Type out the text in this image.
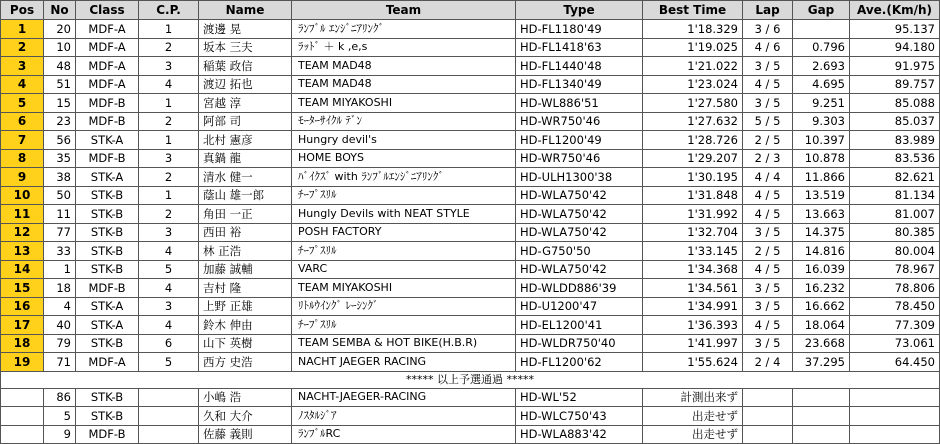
Pos	No	Class	C.P.	Name	Team	Type	Best Time	Lap	Gap	Ave.(Km/h)
1	20	MDF-A	1	渡邊 晃	ﾗﾝﾌﾞﾙ ｴﾝｼﾞﾆｱﾘﾝｸﾞ	HD-FL1180'49	1'18.329	3 / 6		95.137
2	10	MDF-A	2	坂本 三夫	ﾗｯﾄﾞ ＋ k ,e,s	HD-FL1418'63	1'19.025	4 / 6	0.796	94.180
3	48	MDF-A	3	稲葉 政信	TEAM MAD48	HD-FL1440'48	1'21.022	3 / 5	2.693	91.975
4	51	MDF-A	4	渡辺 拓也	TEAM MAD48	HD-FL1340'49	1'23.024	4 / 5	4.695	89.757
5	15	MDF-B	1	宮越 淳	TEAM MIYAKOSHI	HD-WL886'51	1'27.580	3 / 5	9.251	85.088
6	23	MDF-B	2	阿部 司	ﾓｰﾀｰｻｲｸﾙ ﾃﾞﾝ	HD-WR750'46	1'27.632	5 / 5	9.303	85.037
7	56	STK-A	1	北村 憲彦	Hungry devil's	HD-FL1200'49	1'28.726	2 / 5	10.397	83.989
8	35	MDF-B	3	真鍋 龍	HOME BOYS	HD-WR750'46	1'29.207	2 / 3	10.878	83.536
9	38	STK-A	2	清水 健一	ﾊﾞｲｸｽﾞ with ﾗﾝﾌﾞﾙｴﾝｼﾞﾆｱﾘﾝｸﾞ	HD-ULH1300'38	1'30.195	4 / 4	11.866	82.621
10	50	STK-B	1	蔭山 雄一郎	ﾁｰﾌﾟｽﾘﾙ	HD-WLA750'42	1'31.848	4 / 5	13.519	81.134
11	11	STK-B	2	角田 一正	Hungly Devils with NEAT STYLE	HD-WLA750'42	1'31.992	4 / 5	13.663	81.007
12	77	STK-B	3	西田 裕	POSH FACTORY	HD-WLA750'42	1'32.704	3 / 5	14.375	80.385
13	33	STK-B	4	林 正浩	ﾁｰﾌﾟｽﾘﾙ	HD-G750'50	1'33.145	2 / 5	14.816	80.004
14	1	STK-B	5	加藤 誠輔	VARC	HD-WLA750'42	1'34.368	4 / 5	16.039	78.967
15	18	MDF-B	4	吉村 隆	TEAM MIYAKOSHI	HD-WLDD886'39	1'34.561	3 / 5	16.232	78.806
16	4	STK-A	3	上野 正雄	ﾘﾄﾙｳｲﾝｸﾞ ﾚｰｼﾝｸﾞ	HD-U1200'47	1'34.991	3 / 5	16.662	78.450
17	40	STK-A	4	鈴木 伸由	ﾁｰﾌﾟｽﾘﾙ	HD-EL1200'41	1'36.393	4 / 5	18.064	77.309
18	79	STK-B	6	山下 英樹	TEAM SEMBA & HOT BIKE(H.B.R)	HD-WLDR750'40	1'41.997	3 / 5	23.668	73.061
19	71	MDF-A	5	西方 史浩	NACHT JAEGER RACING	HD-FL1200'62	1'55.624	2 / 4	37.295	64.450
***** 以上予選通過 *****										
	86	STK-B		小嶋 浩	NACHT-JAEGER-RACING	HD-WL'52	計測出来ず			
	5	STK-B		久和 大介	ﾉｽﾀﾙｼﾞｱ	HD-WLC750'43	出走せず			
	9	MDF-B		佐藤 義則	ﾗﾝﾌﾞﾙRC	HD-WLA883'42	出走せず			
